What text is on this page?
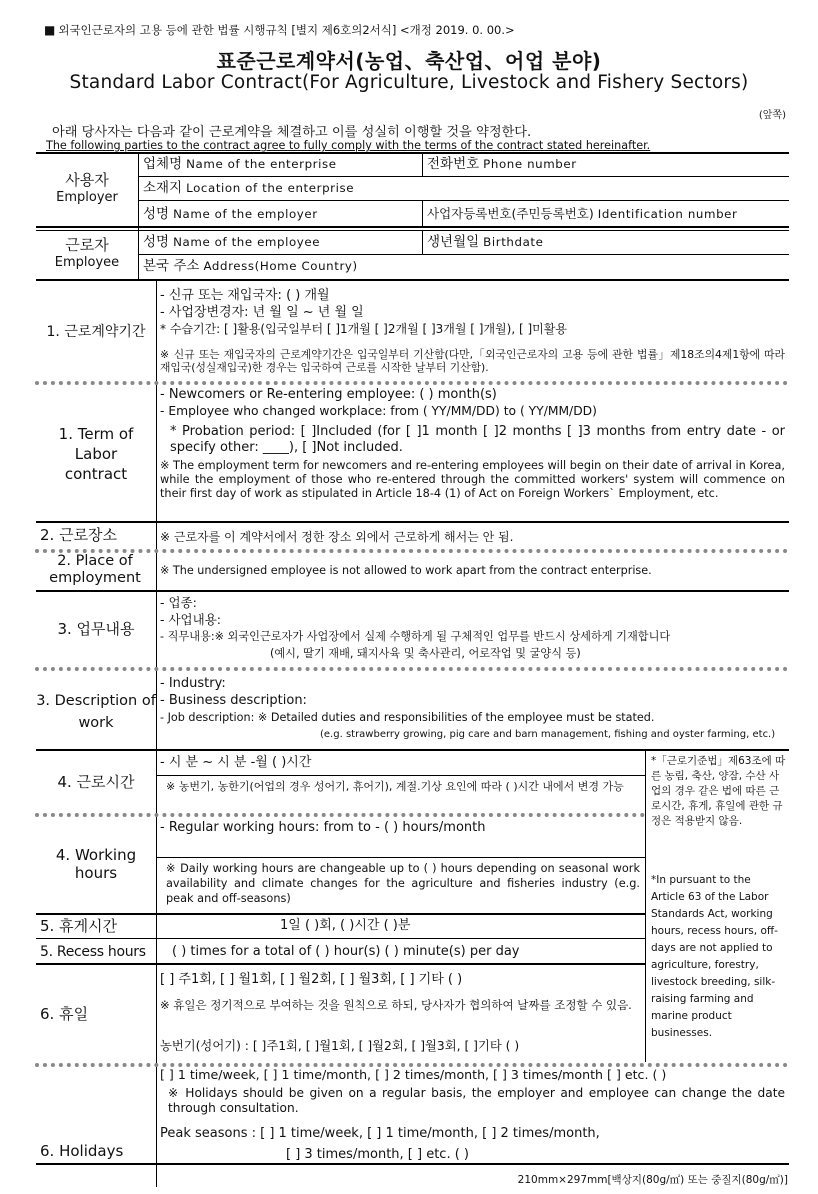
■ 외국인근로자의 고용 등에 관한 법률 시행규칙 [별지 제6호의2서식] <개정 2019. 0. 00.>
표준근로계약서(농업、축산업、어업 분야)
Standard Labor Contract(For Agriculture, Livestock and Fishery Sectors)
(앞쪽)
아래 당사자는 다음과 같이 근로계약을 체결하고 이를 성실히 이행할 것을 약정한다.
The following parties to the contract agree to fully comply with the terms of the contract stated hereinafter.
사용자
Employer
근로자
Employee
업체명 Name of the enterprise	전화번호 Phone number
소재지 Location of the enterprise
성명 Name of the employer	사업자등록번호(주민등록번호) Identification number
성명 Name of the employee	생년월일 Birthdate
본국 주소 Address(Home Country)
1. 근로계약기간
- 신규 또는 재입국자: ( ) 개월
- 사업장변경자: 년 월 일 ~ 년 월 일
* 수습기간: [ ]활용(입국일부터 [ ]1개월 [ ]2개월 [ ]3개월 [ ]개월), [ ]미활용
※ 신규 또는 재입국자의 근로계약기간은 입국일부터 기산함(다만,「외국인근로자의 고용 등에 관한 법률」제18조의4제1항에 따라 재입국(성실재입국)한 경우는 입국하여 근로를 시작한 날부터 기산함).
1. Term of Labor contract
- Newcomers or Re-entering employee: ( ) month(s)
- Employee who changed workplace: from ( YY/MM/DD) to ( YY/MM/DD)
* Probation period: [ ]Included (for [ ]1 month [ ]2 months [ ]3 months from entry date - or specify other: ____), [ ]Not included.
※ The employment term for newcomers and re-entering employees will begin on their date of arrival in Korea, while the employment of those who re-entered through the committed workers' system will commence on their first day of work as stipulated in Article 18-4 (1) of Act on Foreign Workers` Employment, etc.
2. 근로장소	※ 근로자를 이 계약서에서 정한 장소 외에서 근로하게 해서는 안 됨.
2. Place of employment	※ The undersigned employee is not allowed to work apart from the contract enterprise.
3. 업무내용
- 업종:
- 사업내용:
- 직무내용:※ 외국인근로자가 사업장에서 실제 수행하게 될 구체적인 업무를 반드시 상세하게 기재합니다
(예시, 딸기 재배, 돼지사육 및 축사관리, 어로작업 및 굴양식 등)
3. Description of work
- Industry:
- Business description:
- Job description: ※ Detailed duties and responsibilities of the employee must be stated.
(e.g. strawberry growing, pig care and barn management, fishing and oyster farming, etc.)
4. 근로시간
- 시 분 ~ 시 분 -월 ( )시간
※ 농번기, 농한기(어업의 경우 성어기, 휴어기), 계절.기상 요인에 따라 ( )시간 내에서 변경 가능
4. Working hours
- Regular working hours: from to - ( ) hours/month
※ Daily working hours are changeable up to ( ) hours depending on seasonal work availability and climate changes for the agriculture and fisheries industry (e.g. peak and off-seasons)
*「근로기준법」제63조에 따른 농림, 축산, 양잠, 수산 사업의 경우 같은 법에 따른 근로시간, 휴게, 휴일에 관한 규정은 적용받지 않음.
*In pursuant to the Article 63 of the Labor Standards Act, working hours, recess hours, off-days are not applied to agriculture, forestry, livestock breeding, silk-raising farming and marine product businesses.
5. 휴게시간	1일 ( )회, ( )시간 ( )분
5. Recess hours	( ) times for a total of ( ) hour(s) ( ) minute(s) per day
6. 휴일
[ ] 주1회, [ ] 월1회, [ ] 월2회, [ ] 월3회, [ ] 기타 ( )
※ 휴일은 정기적으로 부여하는 것을 원칙으로 하되, 당사자가 협의하여 날짜를 조정할 수 있음.
농번기(성어기) : [ ]주1회, [ ]월1회, [ ]월2회, [ ]월3회, [ ]기타 ( )
6. Holidays
[ ] 1 time/week, [ ] 1 time/month, [ ] 2 times/month, [ ] 3 times/month [ ] etc. ( )
※ Holidays should be given on a regular basis, the employer and employee can change the date through consultation.
Peak seasons : [ ] 1 time/week, [ ] 1 time/month, [ ] 2 times/month,
[ ] 3 times/month, [ ] etc. ( )
210mm×297mm[백상지(80g/㎡) 또는 중질지(80g/㎡)]
